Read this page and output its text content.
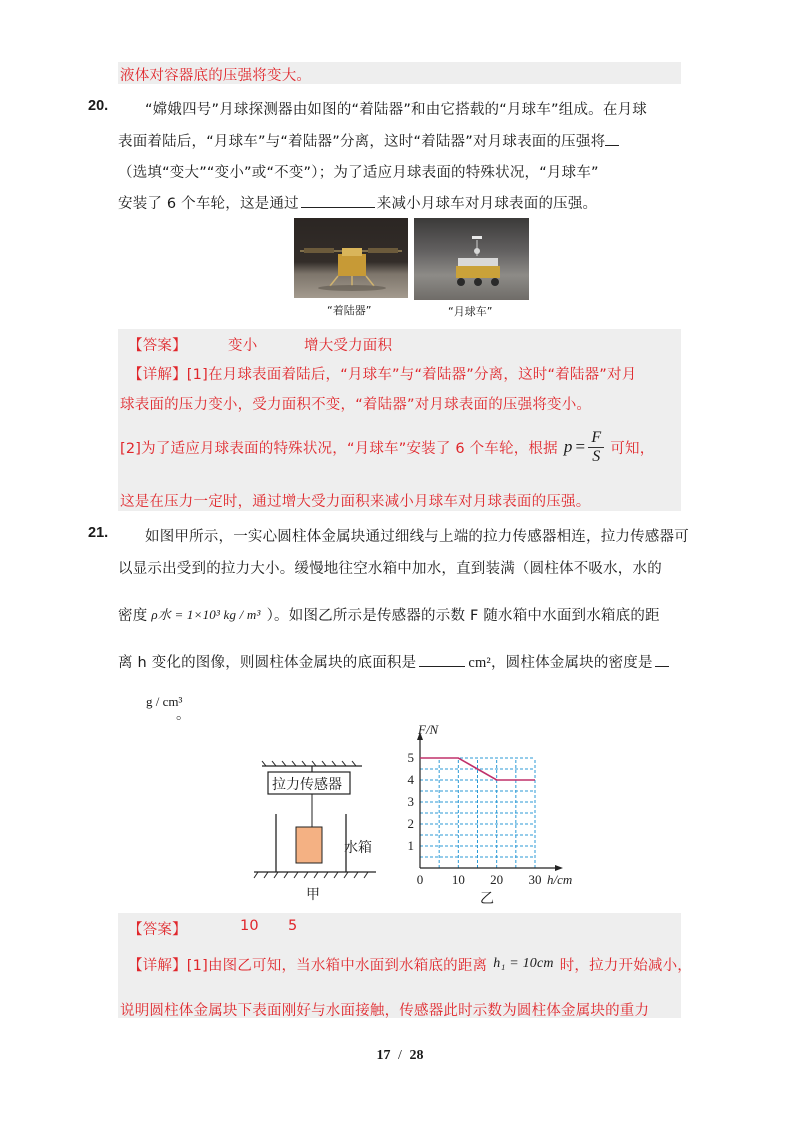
液体对容器底的压强将变大。
20.	“嫦娥四号”月球探测器由如图的“着陆器”和由它搭载的“月球车”组成。在月球
表面着陆后，“月球车”与“着陆器”分离，这时“着陆器”对月球表面的压强将
（选填“变大”“变小”或“不变”）；为了适应月球表面的特殊状况，“月球车”
安装了 6 个车轮，这是通过	来减小月球车对月球表面的压强。
“着陆器”	“月球车”
【答案】	变小	增大受力面积
【详解】[1]在月球表面着陆后，“月球车”与“着陆器”分离，这时“着陆器”对月
球表面的压力变小，受力面积不变，“着陆器”对月球表面的压强将变小。
[2]为了适应月球表面的特殊状况，“月球车”安装了 6 个车轮，根据 $p = \frac{F}{S}$ 可知，
这是在压力一定时，通过增大受力面积来减小月球车对月球表面的压强。
21.	如图甲所示，一实心圆柱体金属块通过细线与上端的拉力传感器相连，拉力传感器可
以显示出受到的拉力大小。缓慢地往空水箱中加水，直到装满（圆柱体不吸水，水的
密度 ρ水 = 1×10³ kg / m³ ）。如图乙所示是传感器的示数 F 随水箱中水面到水箱底的距
离 h 变化的图像，则圆柱体金属块的底面积是	cm²，圆柱体金属块的密度是
g / cm³
。
拉力传感器
水箱
甲
0 10 20 30
1
2
3
4
5
F/N
h/cm
乙
【答案】	10 5
【详解】[1]由图乙可知，当水箱中水面到水箱底的距离 h₁ = 10cm 时，拉力开始减小，
说明圆柱体金属块下表面刚好与水面接触，传感器此时示数为圆柱体金属块的重力
17 / 28
